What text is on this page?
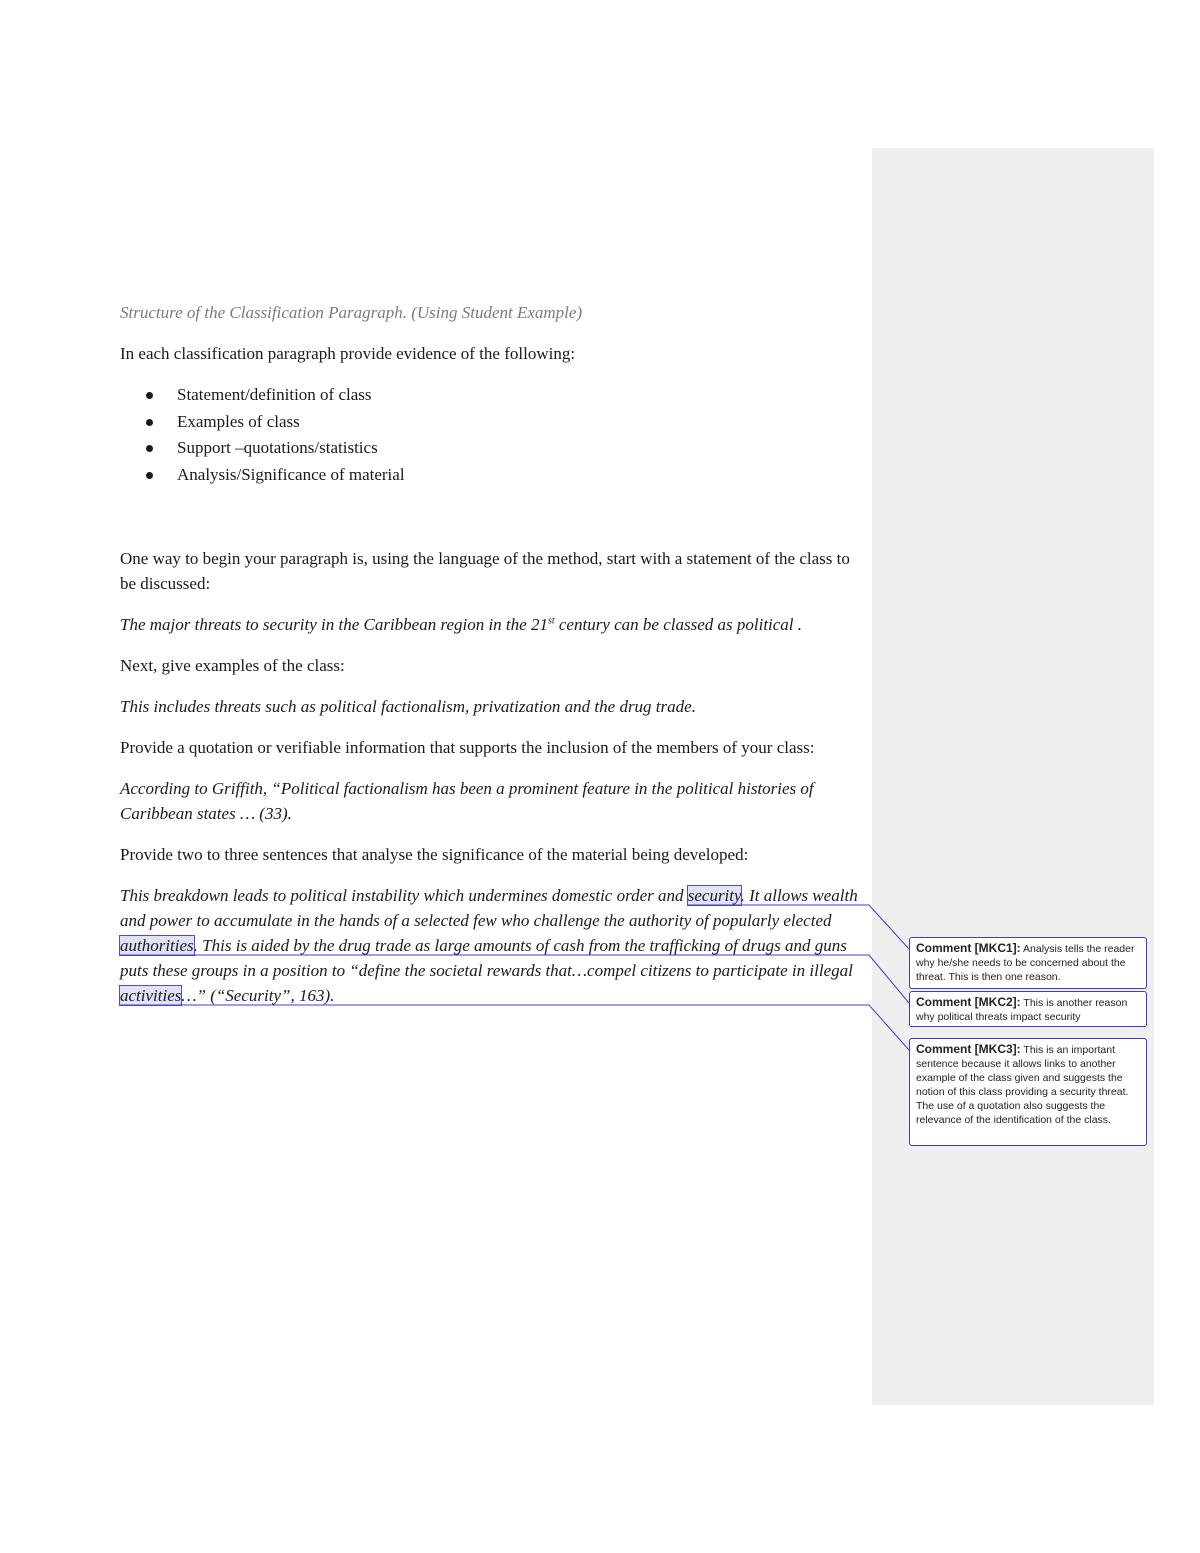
Structure of the Classification Paragraph. (Using Student Example)

In each classification paragraph provide evidence of the following:

Statement/definition of class
Examples of class
Support –quotations/statistics
Analysis/Significance of material

One way to begin your paragraph is, using the language of the method, start with a statement of the class to be discussed:

The major threats to security in the Caribbean region in the 21st century can be classed as political .

Next, give examples of the class:

This includes threats such as political factionalism, privatization and the drug trade.

Provide a quotation or verifiable information that supports the inclusion of the members of your class:

According to Griffith, “Political factionalism has been a prominent feature in the political histories of Caribbean states … (33).

Provide two to three sentences that analyse the significance of the material being developed:

This breakdown leads to political instability which undermines domestic order and security. It allows wealth and power to accumulate in the hands of a selected few who challenge the authority of popularly elected authorities. This is aided by the drug trade as large amounts of cash from the trafficking of drugs and guns puts these groups in a position to “define the societal rewards that…compel citizens to participate in illegal activities…” (“Security”, 163).

Comment [MKC1]: Analysis tells the reader why he/she needs to be concerned about the threat. This is then one reason.
Comment [MKC2]: This is another reason why political threats impact security
Comment [MKC3]: This is an important sentence because it allows links to another example of the class given and suggests the notion of this class providing a security threat. The use of a quotation also suggests the relevance of the identification of the class.
